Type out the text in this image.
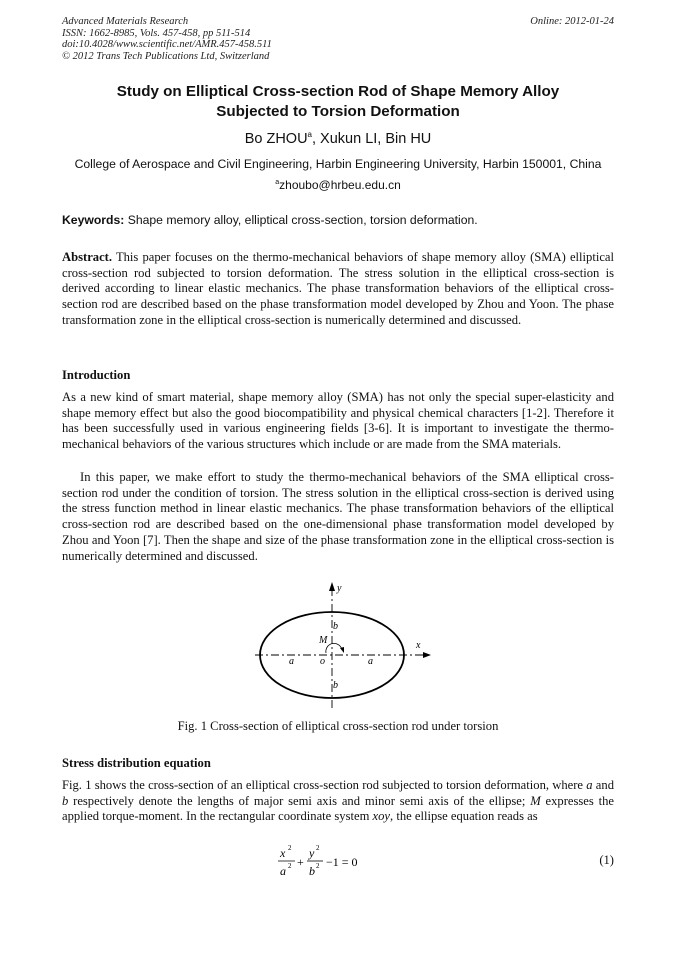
Advanced Materials Research
ISSN: 1662-8985, Vols. 457-458, pp 511-514
doi:10.4028/www.scientific.net/AMR.457-458.511
© 2012 Trans Tech Publications Ltd, Switzerland
Online: 2012-01-24
Study on Elliptical Cross-section Rod of Shape Memory Alloy
Subjected to Torsion Deformation
Bo ZHOU$^a$, Xukun LI, Bin HU
College of Aerospace and Civil Engineering, Harbin Engineering University, Harbin 150001, China
$^a$zhoubo@hrbeu.edu.cn
Keywords: Shape memory alloy, elliptical cross-section, torsion deformation.

Abstract. This paper focuses on the thermo-mechanical behaviors of shape memory alloy (SMA) elliptical cross-section rod subjected to torsion deformation. The stress solution in the elliptical cross-section is derived according to linear elastic mechanics. The phase transformation behaviors of the elliptical cross-section rod are described based on the phase transformation model developed by Zhou and Yoon. The phase transformation zone in the elliptical cross-section is numerically determined and discussed.

Introduction

As a new kind of smart material, shape memory alloy (SMA) has not only the special super-elasticity and shape memory effect but also the good biocompatibility and physical chemical characters [1-2]. Therefore it has been successfully used in various engineering fields [3-6]. It is important to investigate the thermo-mechanical behaviors of the various structures which include or are made from the SMA materials.

In this paper, we make effort to study the thermo-mechanical behaviors of the SMA elliptical cross-section rod under the condition of torsion. The stress solution in the elliptical cross-section is derived using the stress function method in linear elastic mechanics. The phase transformation behaviors of the elliptical cross-section rod are described based on the one-dimensional phase transformation model developed by Zhou and Yoon [7]. Then the shape and size of the phase transformation zone in the elliptical cross-section is numerically determined and discussed.

y
x
M
o
a	a
b
b
Fig. 1 Cross-section of elliptical cross-section rod under torsion
Stress distribution equation

Fig. 1 shows the cross-section of an elliptical cross-section rod subjected to torsion deformation, where a and b respectively denote the lengths of major semi axis and minor semi axis of the ellipse; M expresses the applied torque-moment. In the rectangular coordinate system xoy, the ellipse equation reads as

x 2
a 2 +
y 2
b 2 −1 = 0	(1)
